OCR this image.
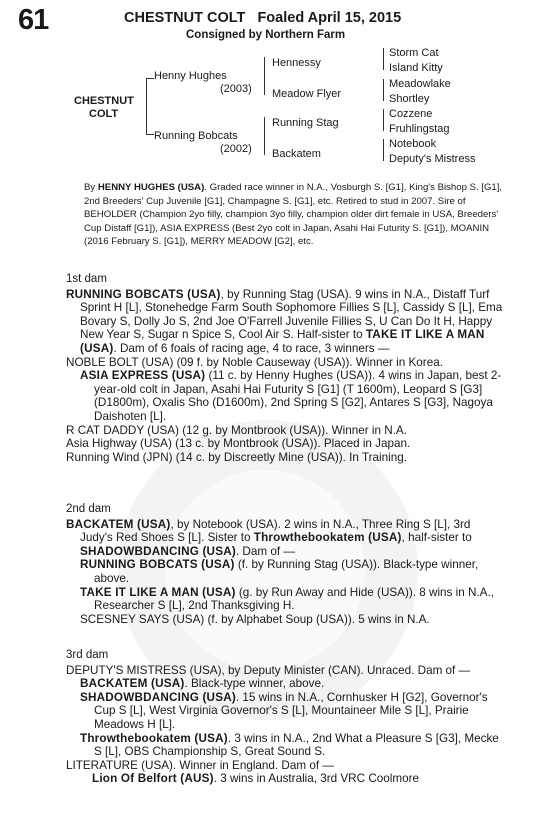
61	CHESTNUT COLT   Foaled April 15, 2015
Consigned by Northern Farm
CHESTNUT
COLT
Henny Hughes
(2003)
Running Bobcats
(2002)
Hennessy
Meadow Flyer
Running Stag
Backatem
Storm Cat
Island Kitty
Meadowlake
Shortley
Cozzene
Fruhlingstag
Notebook
Deputy's Mistress
By HENNY HUGHES (USA). Graded race winner in N.A., Vosburgh S. [G1], King's Bishop S. [G1], 2nd Breeders' Cup Juvenile [G1], Champagne S. [G1], etc. Retired to stud in 2007. Sire of BEHOLDER (Champion 2yo filly, champion 3yo filly, champion older dirt female in USA, Breeders' Cup Distaff [G1]), ASIA EXPRESS (Best 2yo colt in Japan, Asahi Hai Futurity S. [G1]), MOANIN (2016 February S. [G1]), MERRY MEADOW [G2], etc.
1st dam

RUNNING BOBCATS (USA), by Running Stag (USA). 9 wins in N.A., Distaff Turf Sprint H [L], Stonehedge Farm South Sophomore Fillies S [L], Cassidy S [L], Ema Bovary S, Dolly Jo S, 2nd Joe O'Farrell Juvenile Fillies S, U Can Do It H, Happy New Year S, Sugar n Spice S, Cool Air S. Half-sister to TAKE IT LIKE A MAN (USA). Dam of 6 foals of racing age, 4 to race, 3 winners —

NOBLE BOLT (USA) (09 f. by Noble Causeway (USA)). Winner in Korea.

ASIA EXPRESS (USA) (11 c. by Henny Hughes (USA)). 4 wins in Japan, best 2-year-old colt in Japan, Asahi Hai Futurity S [G1] (T 1600m), Leopard S [G3] (D1800m), Oxalis Sho (D1600m), 2nd Spring S [G2], Antares S [G3], Nagoya Daishoten [L].

R CAT DADDY (USA) (12 g. by Montbrook (USA)). Winner in N.A.

Asia Highway (USA) (13 c. by Montbrook (USA)). Placed in Japan.

Running Wind (JPN) (14 c. by Discreetly Mine (USA)). In Training.

2nd dam

BACKATEM (USA), by Notebook (USA). 2 wins in N.A., Three Ring S [L], 3rd Judy's Red Shoes S [L]. Sister to Throwthebookatem (USA), half-sister to SHADOWBDANCING (USA). Dam of —

RUNNING BOBCATS (USA) (f. by Running Stag (USA)). Black-type winner, above.

TAKE IT LIKE A MAN (USA) (g. by Run Away and Hide (USA)). 8 wins in N.A., Researcher S [L], 2nd Thanksgiving H.

SCESNEY SAYS (USA) (f. by Alphabet Soup (USA)). 5 wins in N.A.

3rd dam

DEPUTY'S MISTRESS (USA), by Deputy Minister (CAN). Unraced. Dam of —

BACKATEM (USA). Black-type winner, above.

SHADOWBDANCING (USA). 15 wins in N.A., Cornhusker H [G2], Governor's Cup S [L], West Virginia Governor's S [L], Mountaineer Mile S [L], Prairie Meadows H [L].

Throwthebookatem (USA). 3 wins in N.A., 2nd What a Pleasure S [G3], Mecke S [L], OBS Championship S, Great Sound S.

LITERATURE (USA). Winner in England. Dam of —

Lion Of Belfort (AUS). 3 wins in Australia, 3rd VRC Coolmore
